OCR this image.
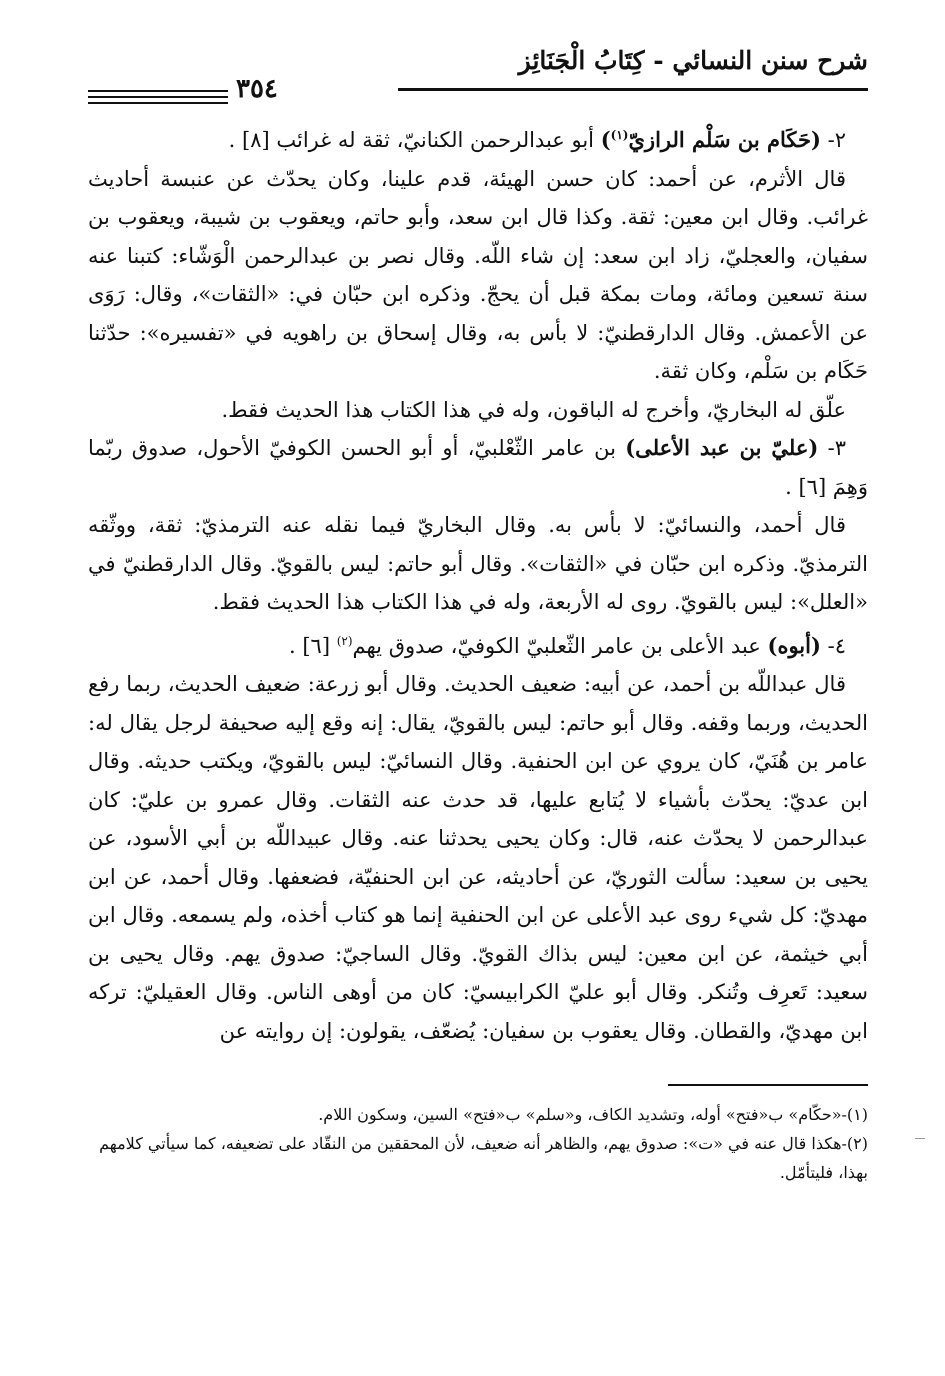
شرح سنن النسائي - كِتَابُ الْجَنَائِز
٣٥٤

٢- (حَكَام بن سَلْم الرازيّ$^{(١)}$) أبو عبدالرحمن الكنانيّ، ثقة له غرائب [٨] .

قال الأثرم، عن أحمد: كان حسن الهيئة، قدم علينا، وكان يحدّث عن عنبسة أحاديث غرائب. وقال ابن معين: ثقة. وكذا قال ابن سعد، وأبو حاتم، ويعقوب بن شيبة، ويعقوب بن سفيان، والعجليّ، زاد ابن سعد: إن شاء اللّه. وقال نصر بن عبدالرحمن الْوَشّاء: كتبنا عنه سنة تسعين ومائة، ومات بمكة قبل أن يحجّ. وذكره ابن حبّان في: «الثقات»، وقال: رَوَى عن الأعمش. وقال الدارقطنيّ: لا بأس به، وقال إسحاق بن راهويه في «تفسيره»: حدّثنا حَكَام بن سَلْم، وكان ثقة.

علّق له البخاريّ، وأخرج له الباقون، وله في هذا الكتاب هذا الحديث فقط.

٣- (عليّ بن عبد الأعلى) بن عامر الثّعْلبيّ، أو أبو الحسن الكوفيّ الأحول، صدوق ربّما وَهِمَ [٦] .

قال أحمد، والنسائيّ: لا بأس به. وقال البخاريّ فيما نقله عنه الترمذيّ: ثقة، ووثّقه الترمذيّ. وذكره ابن حبّان في «الثقات». وقال أبو حاتم: ليس بالقويّ. وقال الدارقطنيّ في «العلل»: ليس بالقويّ. روى له الأربعة، وله في هذا الكتاب هذا الحديث فقط.

٤- (أبوه) عبد الأعلى بن عامر الثّعلبيّ الكوفيّ، صدوق يهم$^{(٢)}$ [٦] .

قال عبداللّه بن أحمد، عن أبيه: ضعيف الحديث. وقال أبو زرعة: ضعيف الحديث، ربما رفع الحديث، وربما وقفه. وقال أبو حاتم: ليس بالقويّ، يقال: إنه وقع إليه صحيفة لرجل يقال له: عامر بن هُنَيّ، كان يروي عن ابن الحنفية. وقال النسائيّ: ليس بالقويّ، ويكتب حديثه. وقال ابن عديّ: يحدّث بأشياء لا يُتابع عليها، قد حدث عنه الثقات. وقال عمرو بن عليّ: كان عبدالرحمن لا يحدّث عنه، قال: وكان يحيى يحدثنا عنه. وقال عبيداللّه بن أبي الأسود، عن يحيى بن سعيد: سألت الثوريّ، عن أحاديثه، عن ابن الحنفيّة، فضعفها. وقال أحمد، عن ابن مهديّ: كل شيء روى عبد الأعلى عن ابن الحنفية إنما هو كتاب أخذه، ولم يسمعه. وقال ابن أبي خيثمة، عن ابن معين: ليس بذاك القويّ. وقال الساجيّ: صدوق يهم. وقال يحيى بن سعيد: تَعرِف وتُنكر. وقال أبو عليّ الكرابيسيّ: كان من أوهى الناس. وقال العقيليّ: تركه ابن مهديّ، والقطان. وقال يعقوب بن سفيان: يُضعّف، يقولون: إن روايته عن

(١)-«حكّام» ب«فتح» أوله، وتشديد الكاف، و«سلم» ب«فتح» السين، وسكون اللام.

(٢)-هكذا قال عنه في «ت»: صدوق يهم، والظاهر أنه ضعيف، لأن المحققين من النقّاد على تضعيفه، كما سيأتي كلامهم بهذا، فليتأمّل.
